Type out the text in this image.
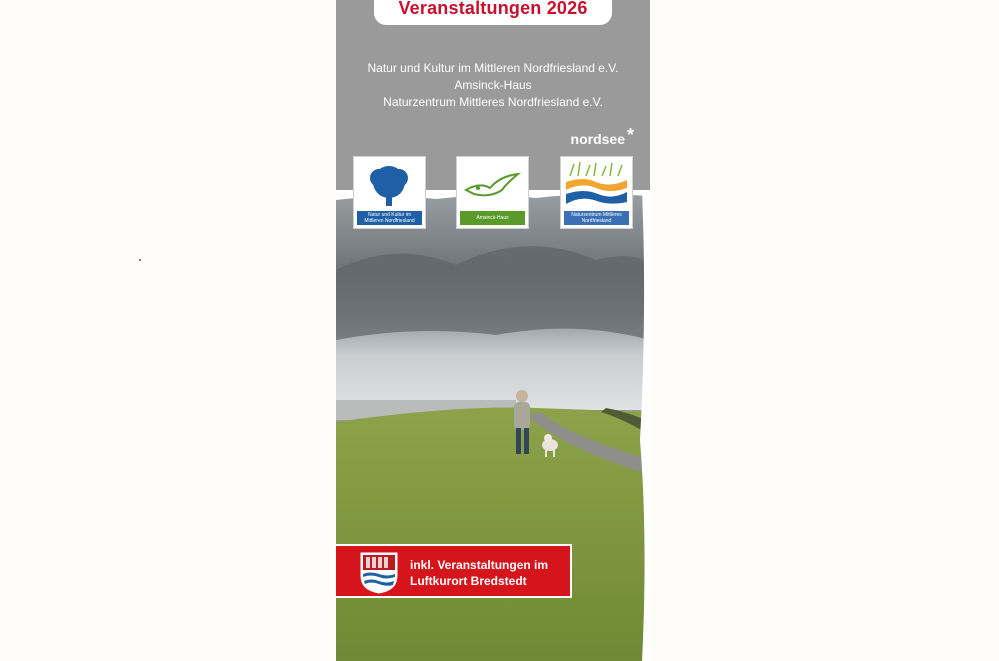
Veranstaltungen 2026
Natur und Kultur im Mittleren Nordfriesland e.V.
Amsinck-Haus
Naturzentrum Mittleres Nordfriesland e.V.
nordsee *
Natur und Kultur im
Mittleren Nordfriesland	Amsinck-Haus	Naturzentrum Mittleres Nordfriesland
inkl. Veranstaltungen im
Luftkurort Bredstedt
